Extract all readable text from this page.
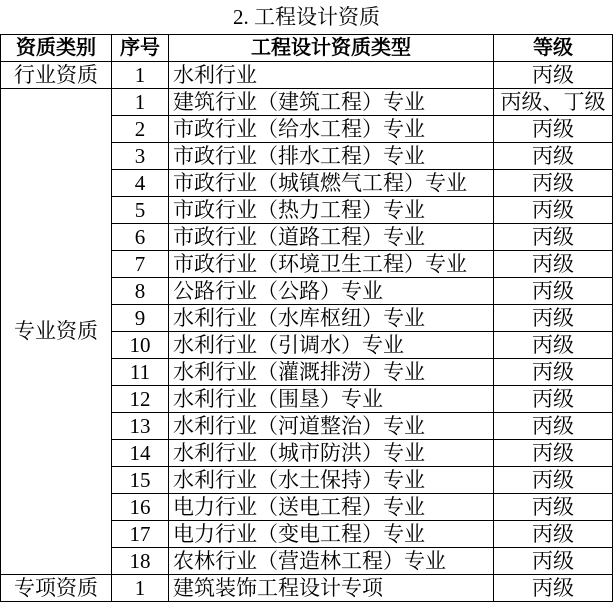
2. 工程设计资质
资质类别	序号	工程设计资质类型	等级
行业资质	1	水利行业	丙级
专业资质	1	建筑行业（建筑工程）专业	丙级、丁级
	2	市政行业（给水工程）专业	丙级
	3	市政行业（排水工程）专业	丙级
	4	市政行业（城镇燃气工程）专业	丙级
	5	市政行业（热力工程）专业	丙级
	6	市政行业（道路工程）专业	丙级
	7	市政行业（环境卫生工程）专业	丙级
	8	公路行业（公路）专业	丙级
	9	水利行业（水库枢纽）专业	丙级
	10	水利行业（引调水）专业	丙级
	11	水利行业（灌溉排涝）专业	丙级
	12	水利行业（围垦）专业	丙级
	13	水利行业（河道整治）专业	丙级
	14	水利行业（城市防洪）专业	丙级
	15	水利行业（水土保持）专业	丙级
	16	电力行业（送电工程）专业	丙级
	17	电力行业（变电工程）专业	丙级
	18	农林行业（营造林工程）专业	丙级
专项资质	1	建筑装饰工程设计专项	丙级
